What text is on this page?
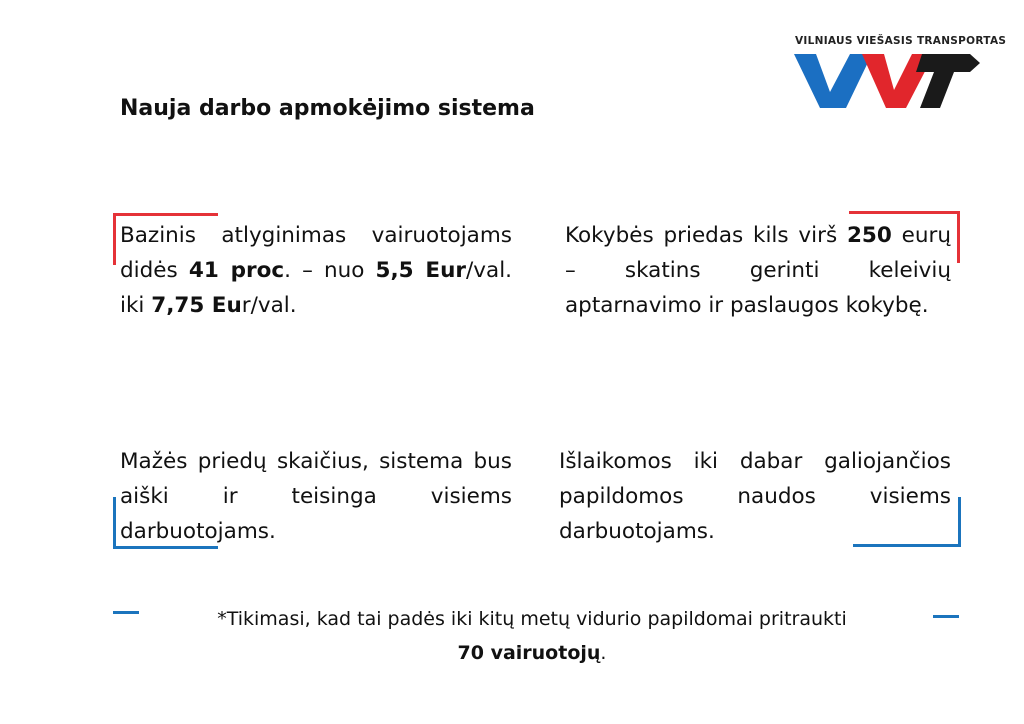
Nauja darbo apmokėjimo sistema
VILNIAUS VIEŠASIS TRANSPORTAS
Bazinis atlyginimas vairuotojams didės 41 proc. – nuo 5,5 Eur/val. iki 7,75 Eur/val.
Kokybės priedas kils virš 250 eurų – skatins gerinti keleivių aptarnavimo ir paslaugos kokybę.
Mažės priedų skaičius, sistema bus aiški ir teisinga visiems darbuotojams.
Išlaikomos iki dabar galiojančios papildomos naudos visiems darbuotojams.
*Tikimasi, kad tai padės iki kitų metų vidurio papildomai pritraukti
70 vairuotojų.
